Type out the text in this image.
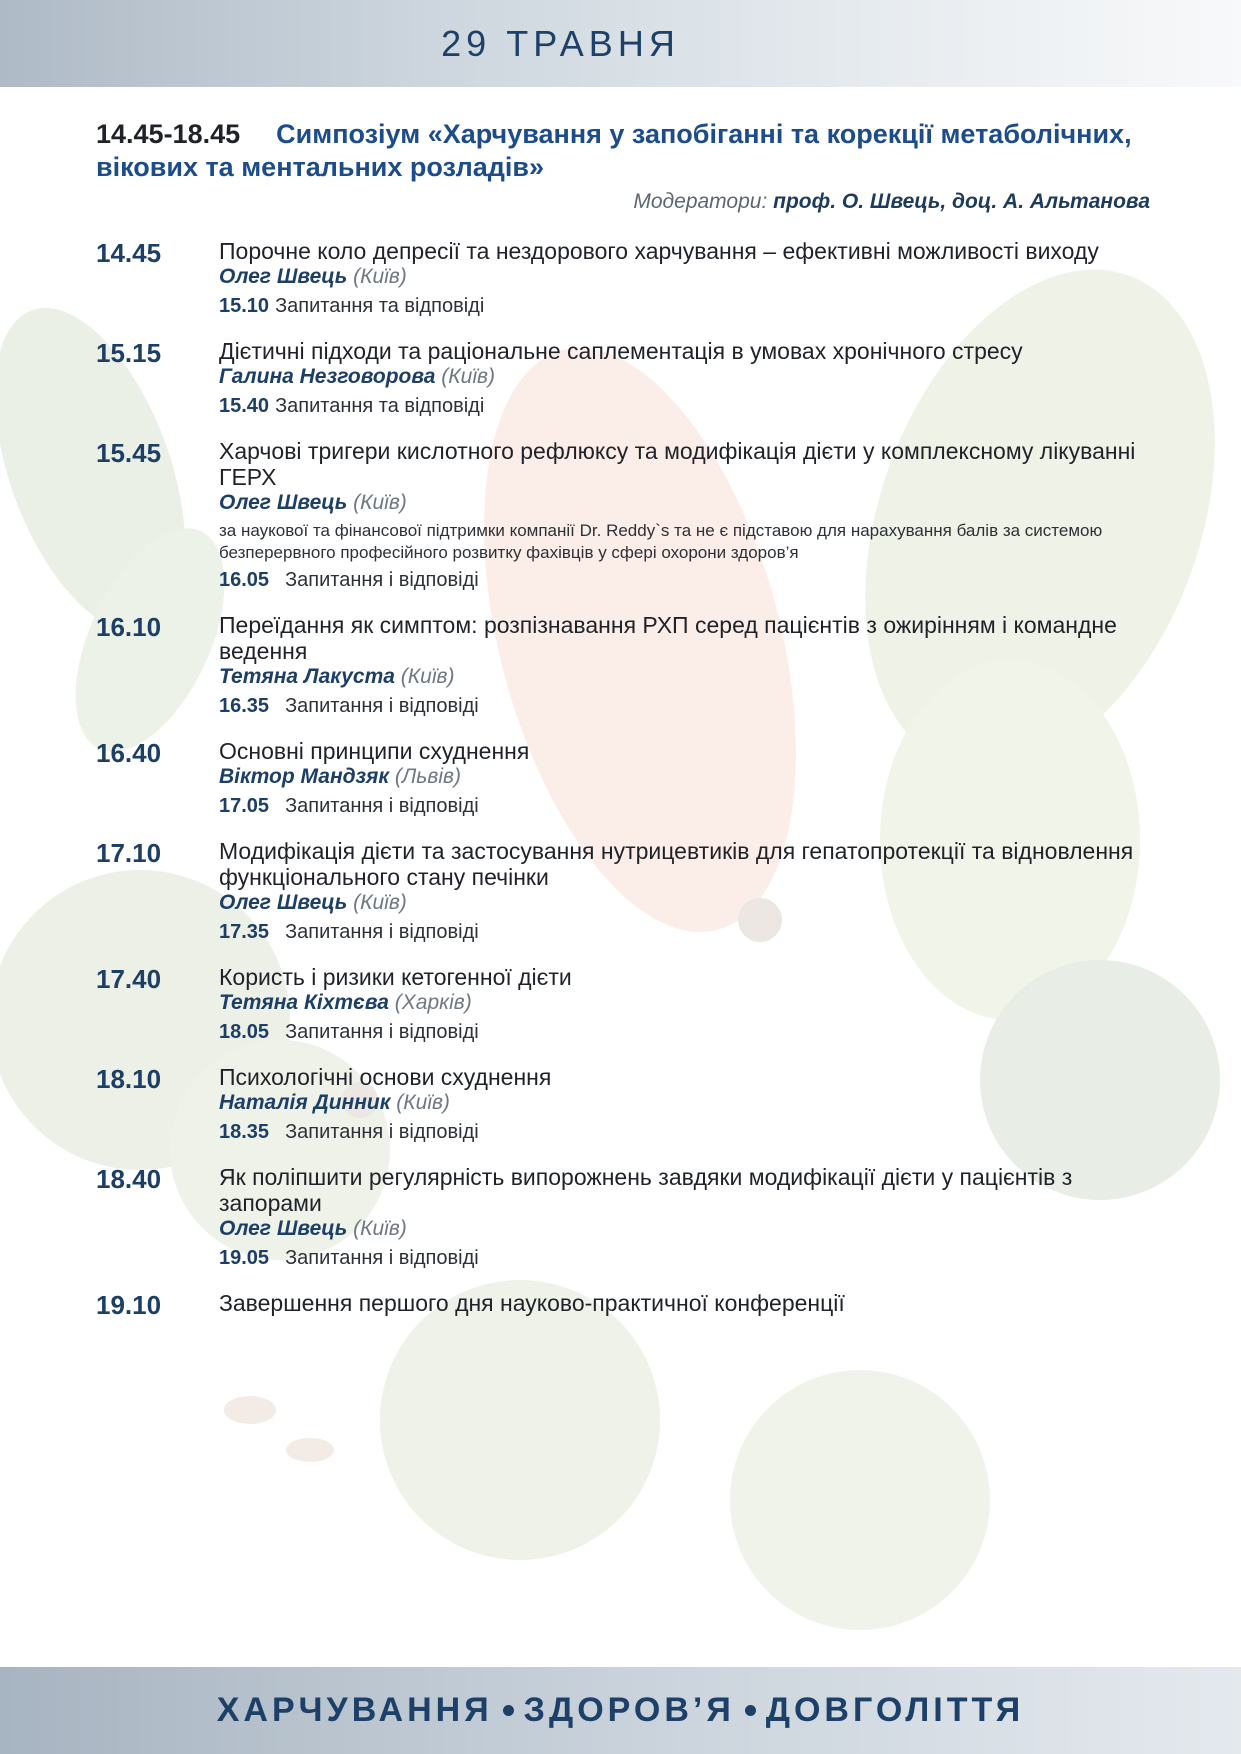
29 ТРАВНЯ
14.45-18.45 Симпозіум «Харчування у запобіганні та корекції метаболічних, вікових та ментальних розладів»
Модератори: проф. О. Швець, доц. А. Альтанова
14.45	Порочне коло депресії та нездорового харчування – ефективні можливості виходу
Олег Швець (Київ)
15.10 Запитання та відповіді
15.15	Дієтичні підходи та раціональне саплементація в умовах хронічного стресу
Галина Незговорова (Київ)
15.40 Запитання та відповіді
15.45	Харчові тригери кислотного рефлюксу та модифікація дієти у комплексному лікуванні ГЕРХ
Олег Швець (Київ)
за наукової та фінансової підтримки компанії Dr. Reddy`s та не є підставою для нарахування балів за системою безперервного професійного розвитку фахівців у сфері охорони здоров’я
16.05 Запитання і відповіді
16.10	Переїдання як симптом: розпізнавання РХП серед пацієнтів з ожирінням і командне ведення
Тетяна Лакуста (Київ)
16.35 Запитання і відповіді
16.40	Основні принципи схуднення
Віктор Мандзяк (Львів)
17.05 Запитання і відповіді
17.10	Модифікація дієти та застосування нутрицевтиків для гепатопротекції та відновлення функціонального стану печінки
Олег Швець (Київ)
17.35 Запитання і відповіді
17.40	Користь і ризики кетогенної дієти
Тетяна Кіхтєва (Харків)
18.05 Запитання і відповіді
18.10	Психологічні основи схуднення
Наталія Динник (Київ)
18.35 Запитання і відповіді
18.40	Як поліпшити регулярність випорожнень завдяки модифікації дієти у пацієнтів з запорами
Олег Швець (Київ)
19.05 Запитання і відповіді
19.10	Завершення першого дня науково-практичної конференції
ХАРЧУВАННЯ ЗДОРОВ’Я ДОВГОЛІТТЯ
